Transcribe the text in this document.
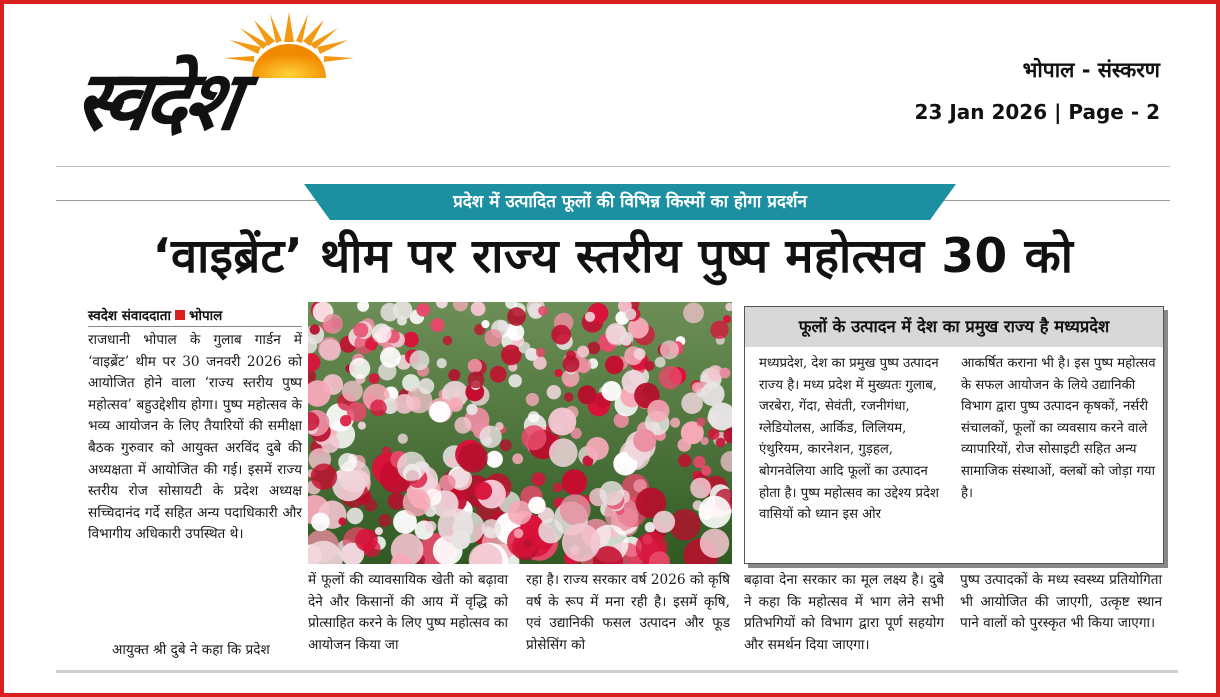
स्वदेश	भोपाल - संस्करण
23 Jan 2026 | Page - 2
प्रदेश में उत्पादित फूलों की विभिन्न किस्मों का होगा प्रदर्शन
‘वाइब्रेंट’ थीम पर राज्य स्तरीय पुष्प महोत्सव 30 को
स्वदेश संवाददाता भोपाल
राजधानी भोपाल के गुलाब गार्डन में ‘वाइब्रेंट’ थीम पर 30 जनवरी 2026 को आयोजित होने वाला ‘राज्य स्तरीय पुष्प महोत्सव’ बहुउद्देशीय होगा। पुष्प महोत्सव के भव्य आयोजन के लिए तैयारियों की समीक्षा बैठक गुरुवार को आयुक्त अरविंद दुबे की अध्यक्षता में आयोजित की गई। इसमें राज्य स्तरीय रोज सोसायटी के प्रदेश अध्यक्ष सच्चिदानंद गर्दे सहित अन्य पदाधिकारी और विभागीय अधिकारी उपस्थित थे।
आयुक्त श्री दुबे ने कहा कि प्रदेश
फूलों के उत्पादन में देश का प्रमुख राज्य है मध्यप्रदेश
मध्यप्रदेश, देश का प्रमुख पुष्प उत्पादन राज्य है। मध्य प्रदेश में मुख्यतः गुलाब, जरबेरा, गेंदा, सेवंती, रजनीगंधा, ग्लेडियोलस, आर्किड, लिलियम, एंथुरियम, कारनेशन, गुड़हल, बोगनवेलिया आदि फूलों का उत्पादन होता है। पुष्प महोत्सव का उद्देश्य प्रदेश वासियों को ध्यान इस ओर
आकर्षित कराना भी है। इस पुष्प महोत्सव के सफल आयोजन के लिये उद्यानिकी विभाग द्वारा पुष्प उत्पादन कृषकों, नर्सरी संचालकों, फूलों का व्यवसाय करने वाले व्यापारियों, रोज सोसाइटी सहित अन्य सामाजिक संस्थाओं, क्लबों को जोड़ा गया है।
में फूलों की व्यावसायिक खेती को बढ़ावा देने और किसानों की आय में वृद्धि को प्रोत्साहित करने के लिए पुष्प महोत्सव का आयोजन किया जा
रहा है। राज्य सरकार वर्ष 2026 को कृषि वर्ष के रूप में मना रही है। इसमें कृषि, एवं उद्यानिकी फसल उत्पादन और फूड प्रोसेसिंग को
बढ़ावा देना सरकार का मूल लक्ष्य है। दुबे ने कहा कि महोत्सव में भाग लेने सभी प्रतिभगियों को विभाग द्वारा पूर्ण सहयोग और समर्थन दिया जाएगा।
पुष्प उत्पादकों के मध्य स्वस्थ्य प्रतियोगिता भी आयोजित की जाएगी, उत्कृष्ट स्थान पाने वालों को पुरस्कृत भी किया जाएगा।
